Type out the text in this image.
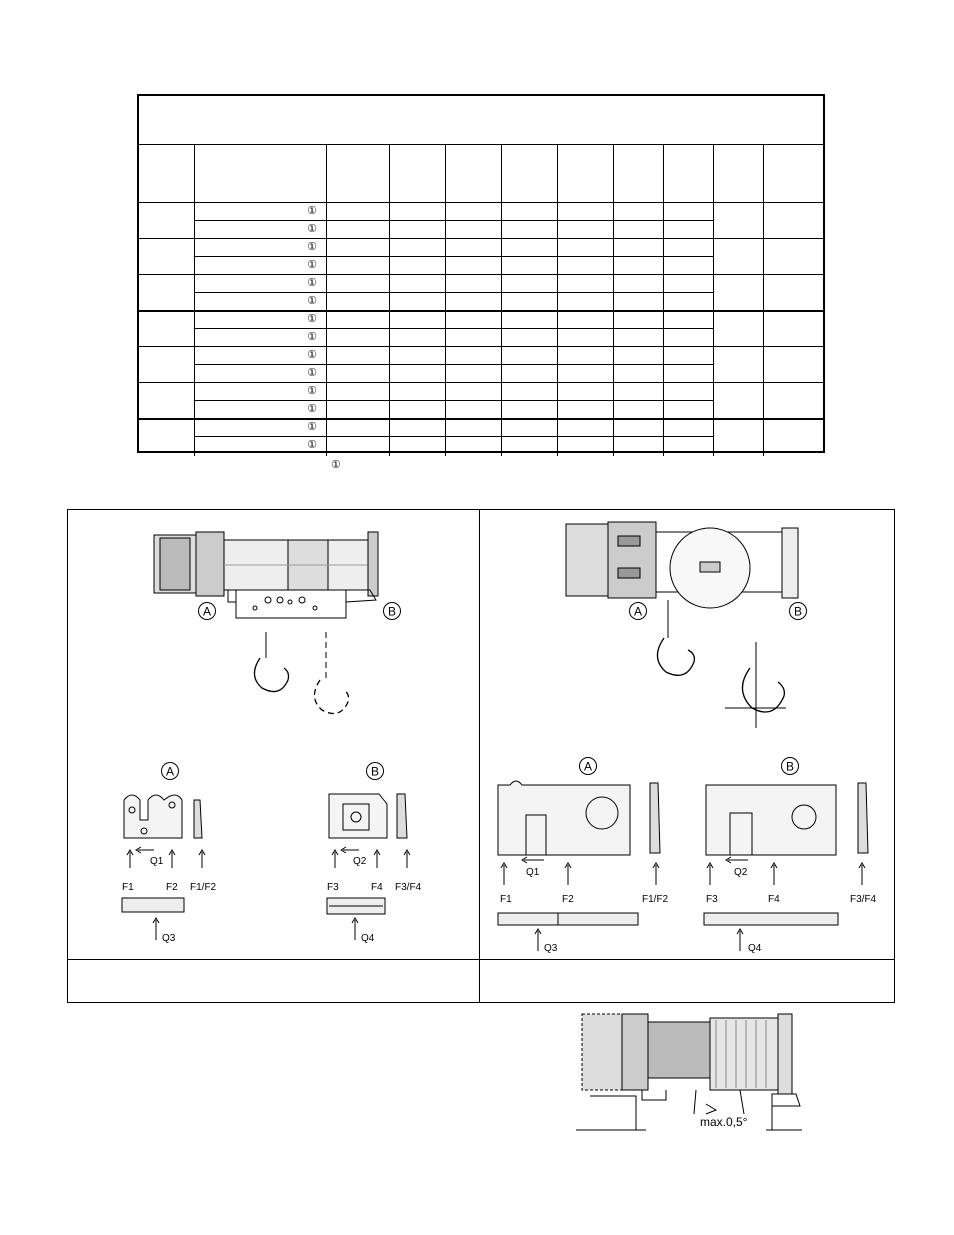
①
①
①
①
①
①
①
①
①
①
①
①
①
①
①
A	B
A
Q1
F1	F2 F1/F2
Q3
B
Q2
F3	F4 F3/F4
Q4
A	B
A
Q1
F1	F2	F1/F2
Q3
B
Q2
F3	F4	F3/F4
Q4
max.0,5°
